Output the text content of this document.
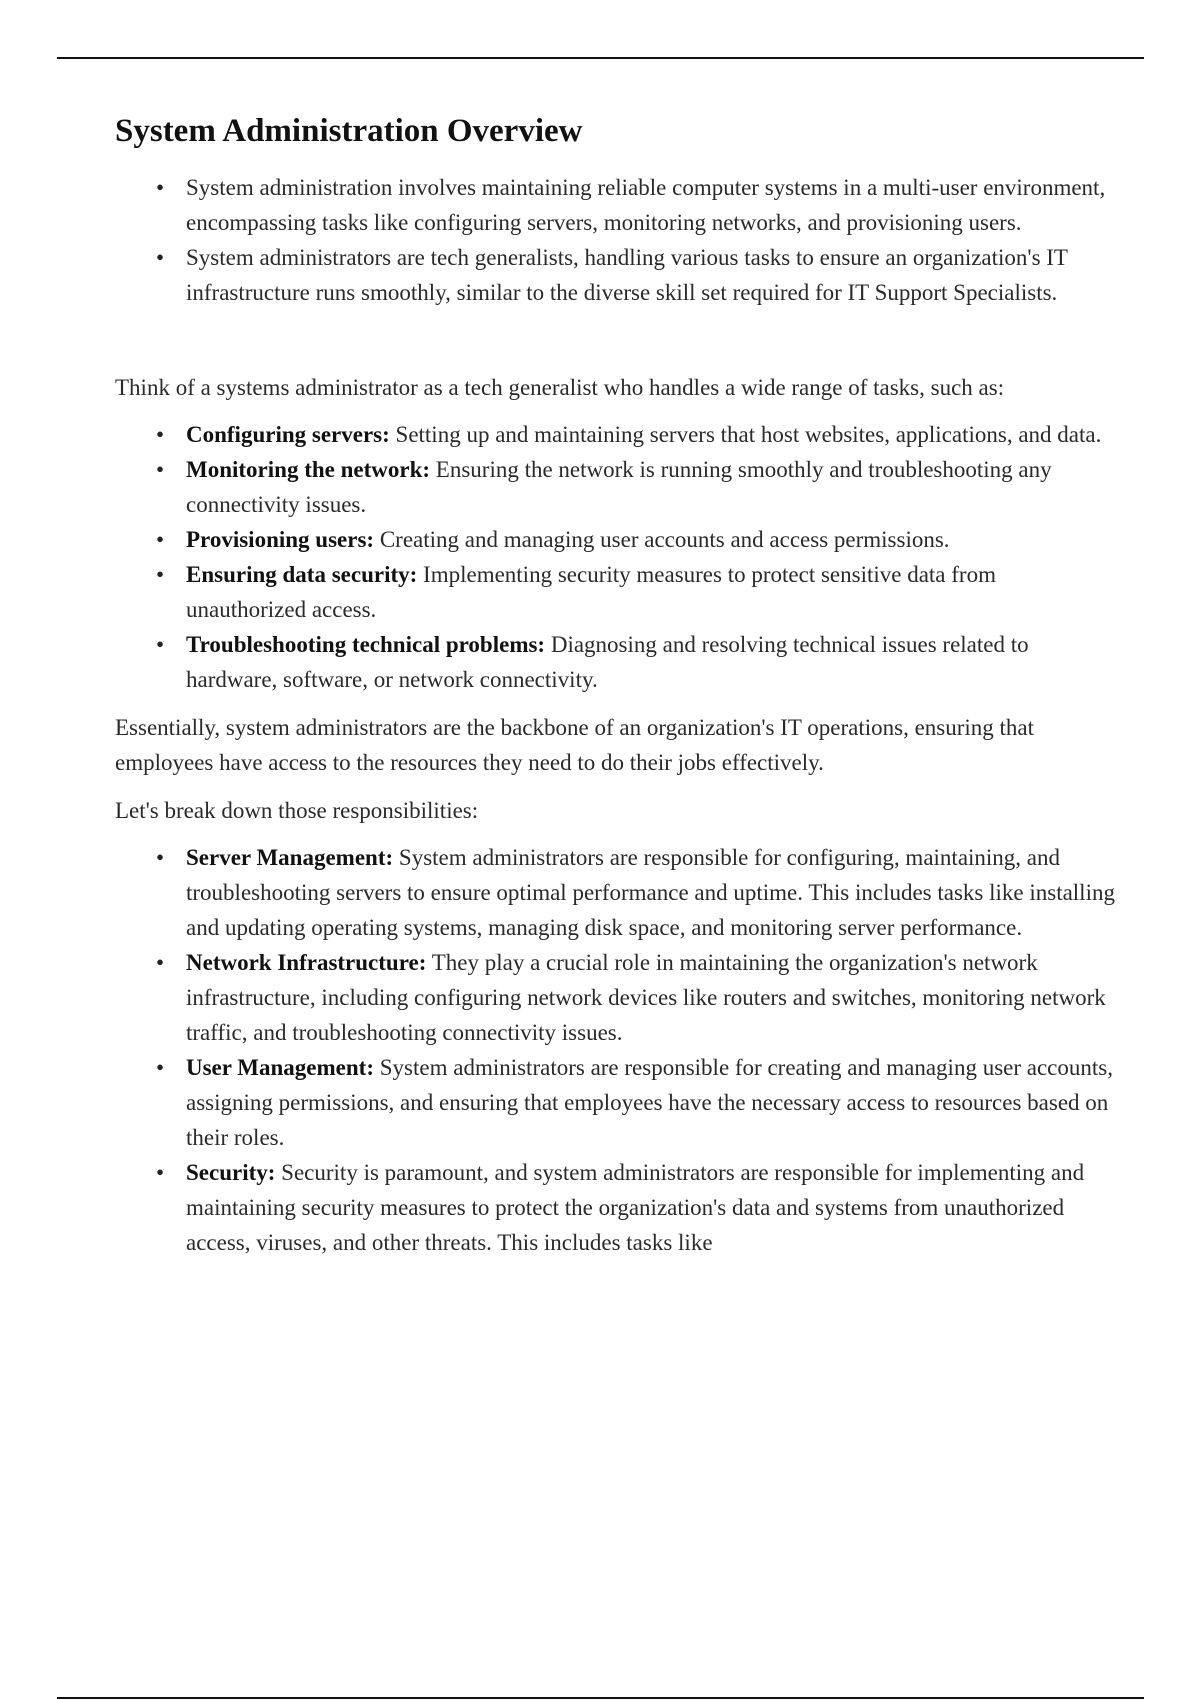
System Administration Overview
• System administration involves maintaining reliable computer systems in a multi-user environment, encompassing tasks like configuring servers, monitoring networks, and provisioning users.
• System administrators are tech generalists, handling various tasks to ensure an organization's IT infrastructure runs smoothly, similar to the diverse skill set required for IT Support Specialists.

Think of a systems administrator as a tech generalist who handles a wide range of tasks, such as:

• Configuring servers: Setting up and maintaining servers that host websites, applications, and data.
• Monitoring the network: Ensuring the network is running smoothly and troubleshooting any connectivity issues.
• Provisioning users: Creating and managing user accounts and access permissions.
• Ensuring data security: Implementing security measures to protect sensitive data from unauthorized access.
• Troubleshooting technical problems: Diagnosing and resolving technical issues related to hardware, software, or network connectivity.

Essentially, system administrators are the backbone of an organization's IT operations, ensuring that employees have access to the resources they need to do their jobs effectively.

Let's break down those responsibilities:

• Server Management: System administrators are responsible for configuring, maintaining, and troubleshooting servers to ensure optimal performance and uptime. This includes tasks like installing and updating operating systems, managing disk space, and monitoring server performance.
• Network Infrastructure: They play a crucial role in maintaining the organization's network infrastructure, including configuring network devices like routers and switches, monitoring network traffic, and troubleshooting connectivity issues.
• User Management: System administrators are responsible for creating and managing user accounts, assigning permissions, and ensuring that employees have the necessary access to resources based on their roles.
• Security: Security is paramount, and system administrators are responsible for implementing and maintaining security measures to protect the organization's data and systems from unauthorized access, viruses, and other threats. This includes tasks like
